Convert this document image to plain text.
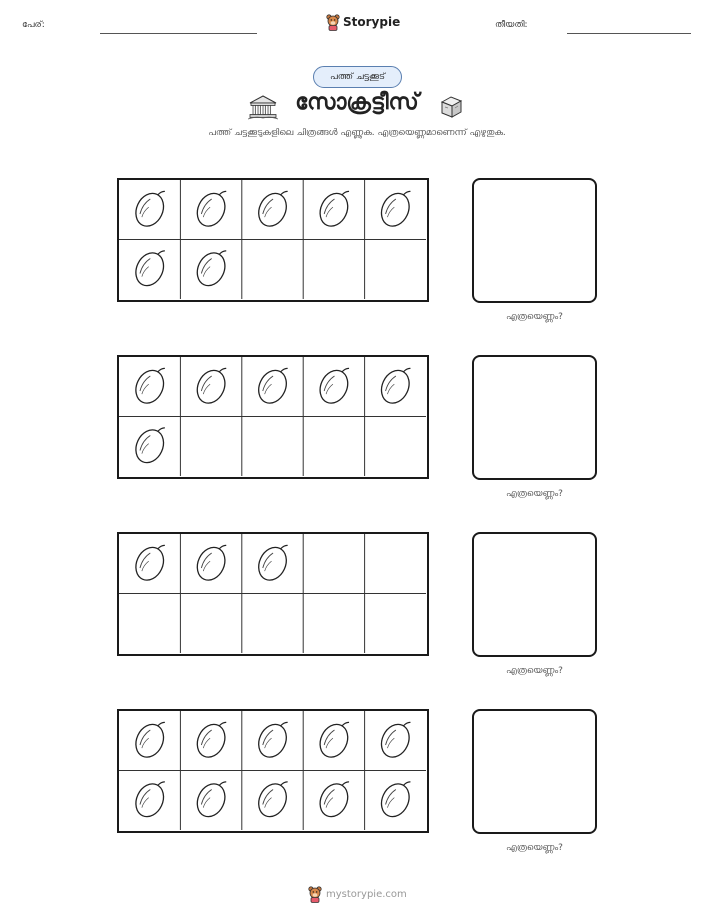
പേര്:	Storypie	തീയതി:
പത്ത് ചട്ടക്കൂട്
സോക്രട്ടീസ്
പത്ത് ചട്ടക്കൂടുകളിലെ ചിത്രങ്ങൾ എണ്ണുക. എത്രയെണ്ണമാണെന്ന് എഴുതുക.
എത്രയെണ്ണം?
എത്രയെണ്ണം?
എത്രയെണ്ണം?
എത്രയെണ്ണം?
mystorypie.com
